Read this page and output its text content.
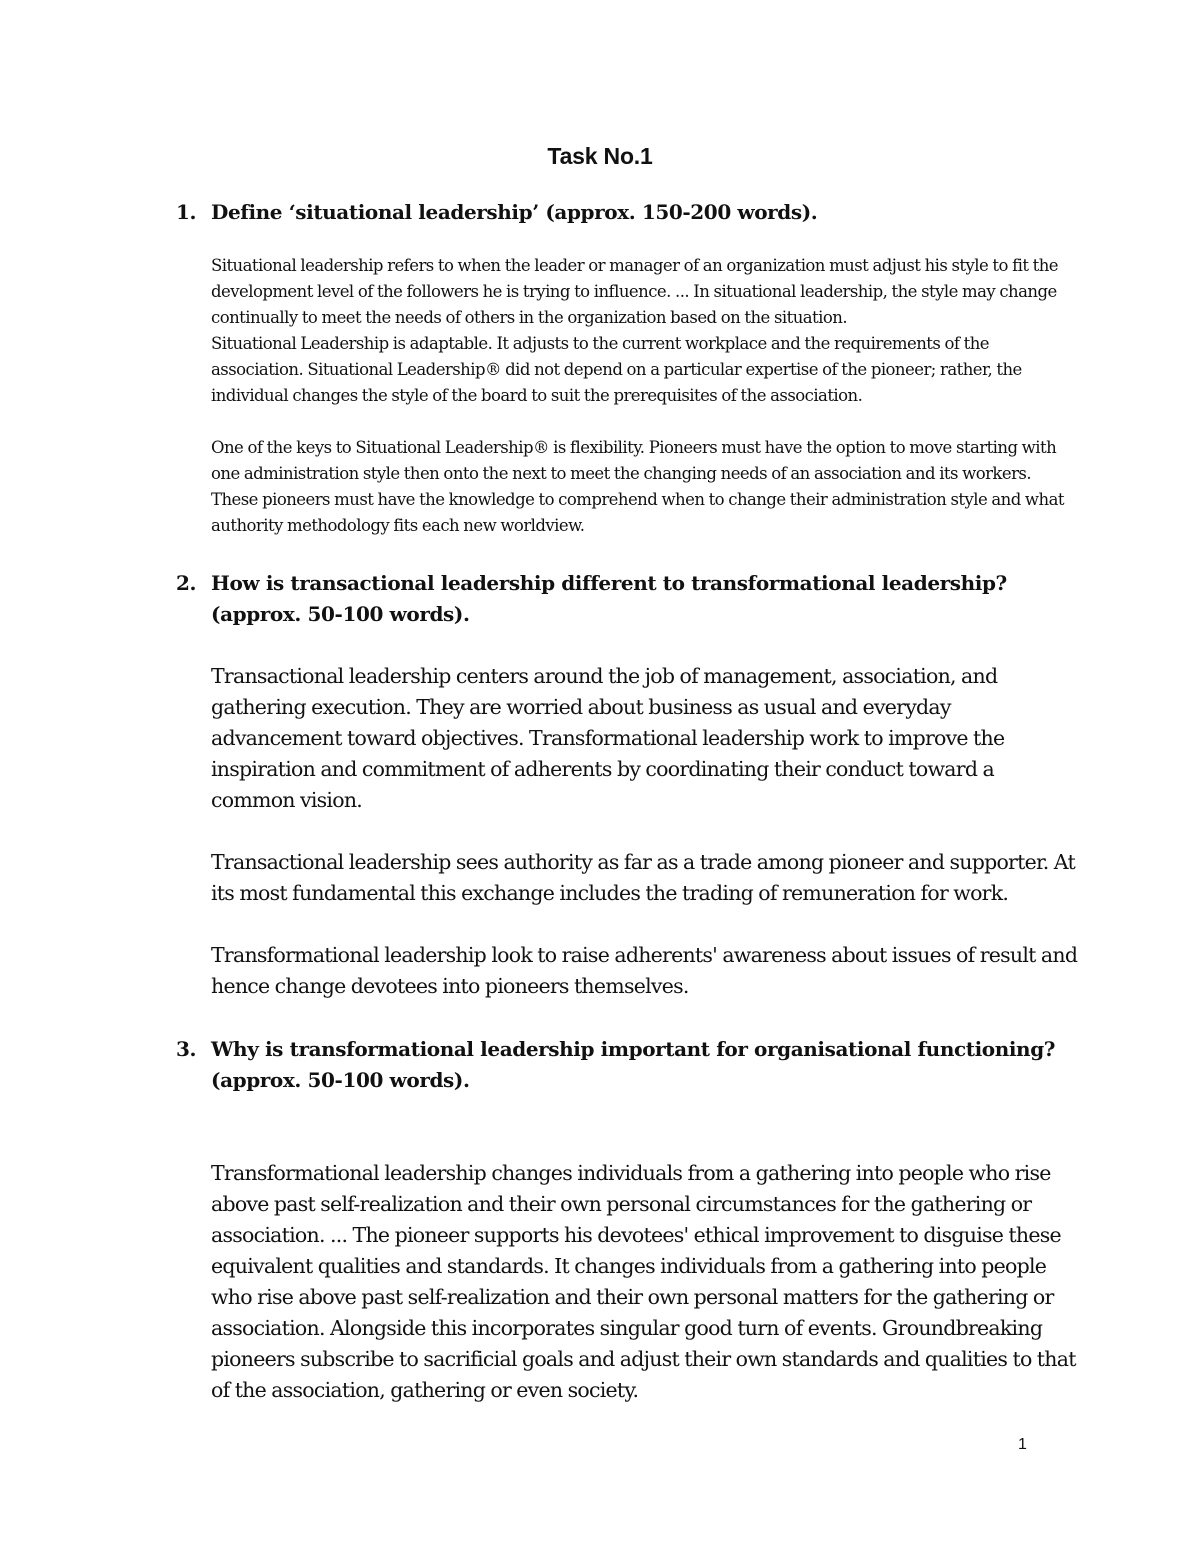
Task No.1
1. Define ‘situational leadership’ (approx. 150-200 words).

Situational leadership refers to when the leader or manager of an organization must adjust his style to fit the development level of the followers he is trying to influence. ... In situational leadership, the style may change continually to meet the needs of others in the organization based on the situation.

Situational Leadership is adaptable. It adjusts to the current workplace and the requirements of the association. Situational Leadership® did not depend on a particular expertise of the pioneer; rather, the individual changes the style of the board to suit the prerequisites of the association.

One of the keys to Situational Leadership® is flexibility. Pioneers must have the option to move starting with one administration style then onto the next to meet the changing needs of an association and its workers. These pioneers must have the knowledge to comprehend when to change their administration style and what authority methodology fits each new worldview.

2. How is transactional leadership different to transformational leadership? (approx. 50-100 words).

Transactional leadership centers around the job of management, association, and gathering execution. They are worried about business as usual and everyday advancement toward objectives. Transformational leadership work to improve the inspiration and commitment of adherents by coordinating their conduct toward a common vision.

Transactional leadership sees authority as far as a trade among pioneer and supporter. At its most fundamental this exchange includes the trading of remuneration for work.

Transformational leadership look to raise adherents' awareness about issues of result and hence change devotees into pioneers themselves.

3. Why is transformational leadership important for organisational functioning? (approx. 50-100 words).

Transformational leadership changes individuals from a gathering into people who rise above past self-realization and their own personal circumstances for the gathering or association. ... The pioneer supports his devotees' ethical improvement to disguise these equivalent qualities and standards. It changes individuals from a gathering into people who rise above past self-realization and their own personal matters for the gathering or association. Alongside this incorporates singular good turn of events. Groundbreaking pioneers subscribe to sacrificial goals and adjust their own standards and qualities to that of the association, gathering or even society.

1
